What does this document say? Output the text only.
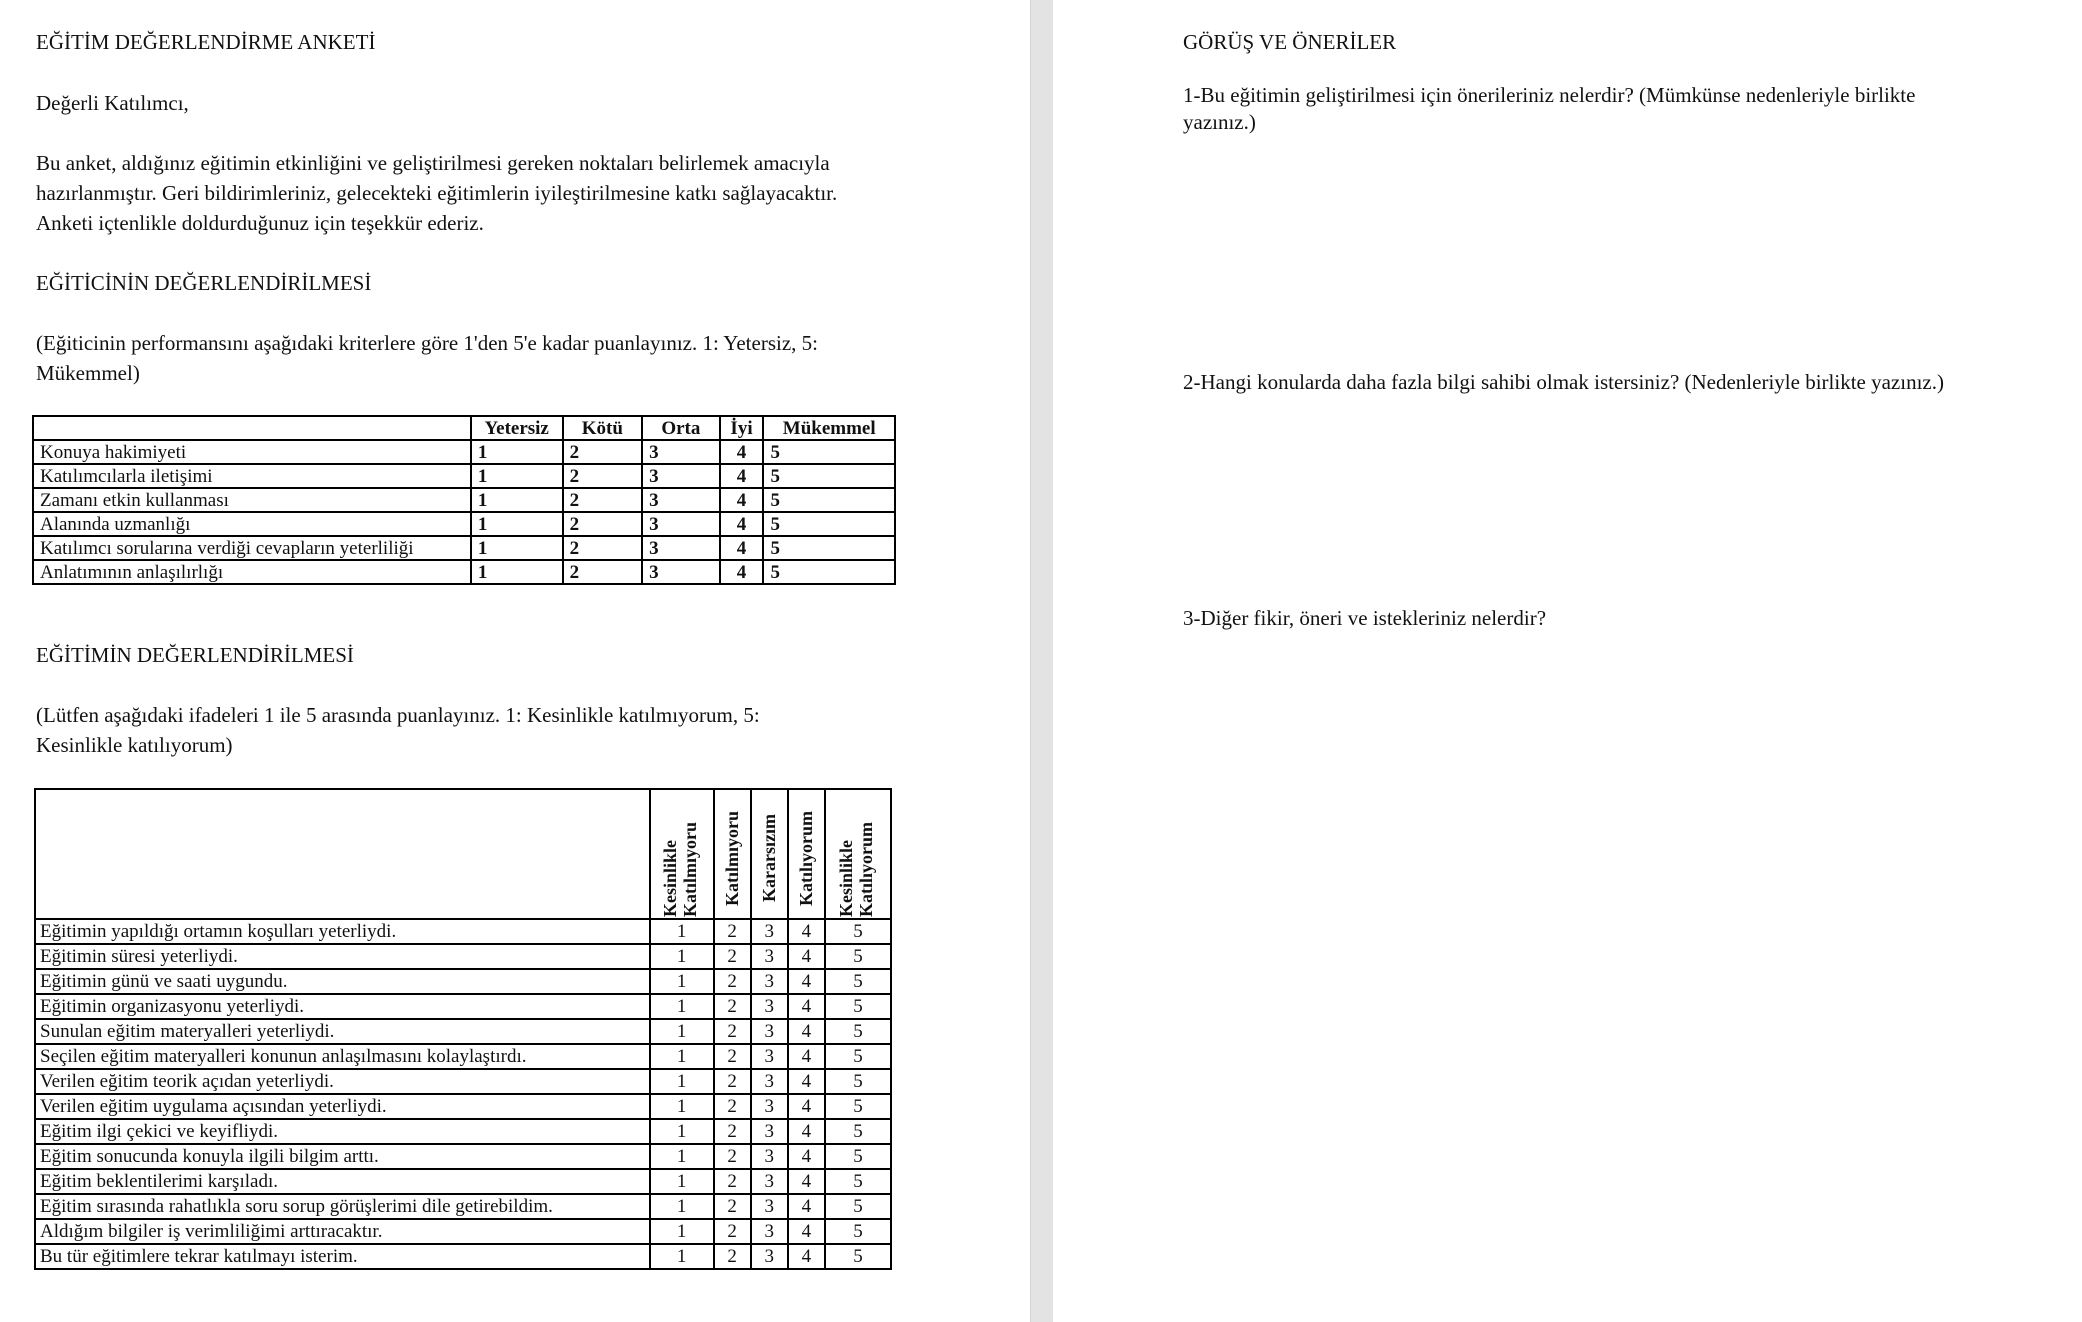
EĞİTİM DEĞERLENDİRME ANKETİ
Değerli Katılımcı,
Bu anket, aldığınız eğitimin etkinliğini ve geliştirilmesi gereken noktaları belirlemek amacıyla
hazırlanmıştır. Geri bildirimleriniz, gelecekteki eğitimlerin iyileştirilmesine katkı sağlayacaktır.
Anketi içtenlikle doldurduğunuz için teşekkür ederiz.
EĞİTİCİNİN DEĞERLENDİRİLMESİ
(Eğiticinin performansını aşağıdaki kriterlere göre 1'den 5'e kadar puanlayınız. 1: Yetersiz, 5:
Mükemmel)
	Yetersiz	Kötü	Orta	İyi	Mükemmel
Konuya hakimiyeti	1	2	3	4	5
Katılımcılarla iletişimi	1	2	3	4	5
Zamanı etkin kullanması	1	2	3	4	5
Alanında uzmanlığı	1	2	3	4	5
Katılımcı sorularına verdiği cevapların yeterliliği	1	2	3	4	5
Anlatımının anlaşılırlığı	1	2	3	4	5
EĞİTİMİN DEĞERLENDİRİLMESİ
(Lütfen aşağıdaki ifadeleri 1 ile 5 arasında puanlayınız. 1: Kesinlikle katılmıyorum, 5:
Kesinlikle katılıyorum)

	Kesinlikle Katılmıyoru	Katılmıyoru	Kararsızım	Katılıyorum	Kesinlikle Katılıyorum

Eğitimin yapıldığı ortamın koşulları yeterliydi.	1	2	3	4	5
Eğitimin süresi yeterliydi.	1	2	3	4	5
Eğitimin günü ve saati uygundu.	1	2	3	4	5
Eğitimin organizasyonu yeterliydi.	1	2	3	4	5
Sunulan eğitim materyalleri yeterliydi.	1	2	3	4	5
Seçilen eğitim materyalleri konunun anlaşılmasını kolaylaştırdı.	1	2	3	4	5
Verilen eğitim teorik açıdan yeterliydi.	1	2	3	4	5
Verilen eğitim uygulama açısından yeterliydi.	1	2	3	4	5
Eğitim ilgi çekici ve keyifliydi.	1	2	3	4	5
Eğitim sonucunda konuyla ilgili bilgim arttı.	1	2	3	4	5
Eğitim beklentilerimi karşıladı.	1	2	3	4	5
Eğitim sırasında rahatlıkla soru sorup görüşlerimi dile getirebildim.	1	2	3	4	5
Aldığım bilgiler iş verimliliğimi arttıracaktır.	1	2	3	4	5
Bu tür eğitimlere tekrar katılmayı isterim.	1	2	3	4	5
GÖRÜŞ VE ÖNERİLER
1-Bu eğitimin geliştirilmesi için önerileriniz nelerdir? (Mümkünse nedenleriyle birlikte
yazınız.)
2-Hangi konularda daha fazla bilgi sahibi olmak istersiniz? (Nedenleriyle birlikte yazınız.)
3-Diğer fikir, öneri ve istekleriniz nelerdir?
